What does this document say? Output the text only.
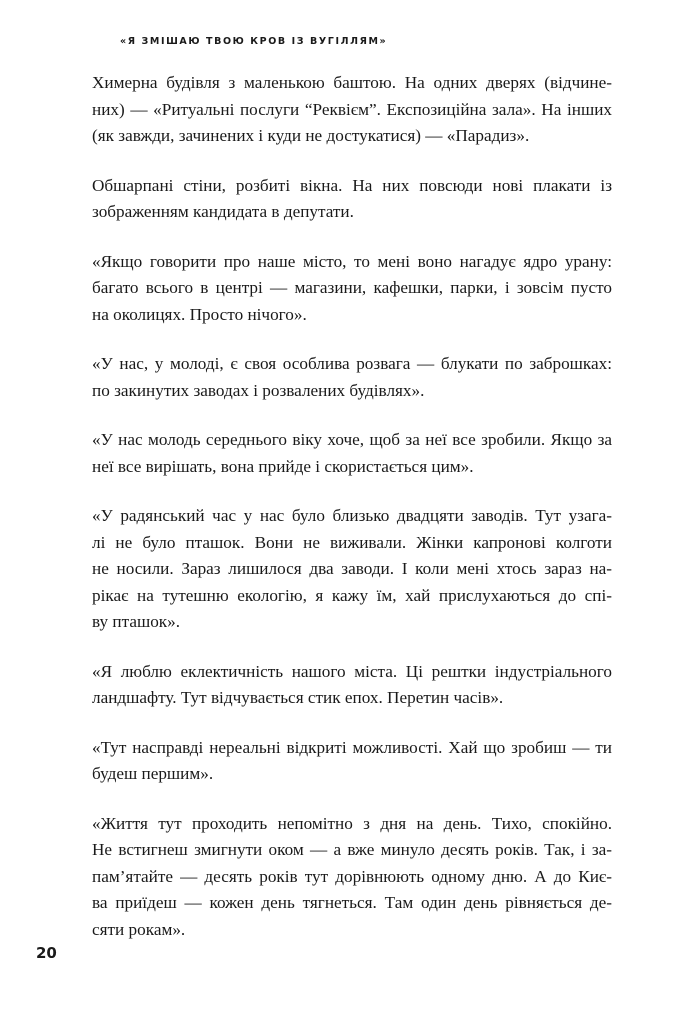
«Я ЗМІШАЮ ТВОЮ КРОВ ІЗ ВУГІЛЛЯМ»

Химерна будівля з маленькою баштою. На одних дверях (відчине-
них) — «Ритуальні послуги “Реквієм”. Експозиційна зала». На інших
(як завжди, зачинених і куди не достукатися) — «Парадиз».

Обшарпані стіни, розбиті вікна. На них повсюди нові плакати із
зображенням кандидата в депутати.

«Якщо говорити про наше місто, то мені воно нагадує ядро урану:
багато всього в центрі — магазини, кафешки, парки, і зовсім пусто
на околицях. Просто нічого».

«У нас, у молоді, є своя особлива розвага — блукати по заброшках:
по закинутих заводах і розвалених будівлях».

«У нас молодь середнього віку хоче, щоб за неї все зробили. Якщо за
неї все вирішать, вона прийде і скористається цим».

«У радянський час у нас було близько двадцяти заводів. Тут узага-
лі не було пташок. Вони не виживали. Жінки капронові колготи
не носили. Зараз лишилося два заводи. І коли мені хтось зараз на-
рікає на тутешню екологію, я кажу їм, хай прислухаються до спі-
ву пташок».

«Я люблю еклектичність нашого міста. Ці рештки індустріального
ландшафту. Тут відчувається стик епох. Перетин часів».

«Тут насправді нереальні відкриті можливості. Хай що зробиш — ти
будеш першим».

«Життя тут проходить непомітно з дня на день. Тихо, спокійно.
Не встигнеш змигнути оком — а вже минуло десять років. Так, і за-
пам’ятайте — десять років тут дорівнюють одному дню. А до Киє-
ва приїдеш — кожен день тягнеться. Там один день рівняється де-
сяти рокам».

20
